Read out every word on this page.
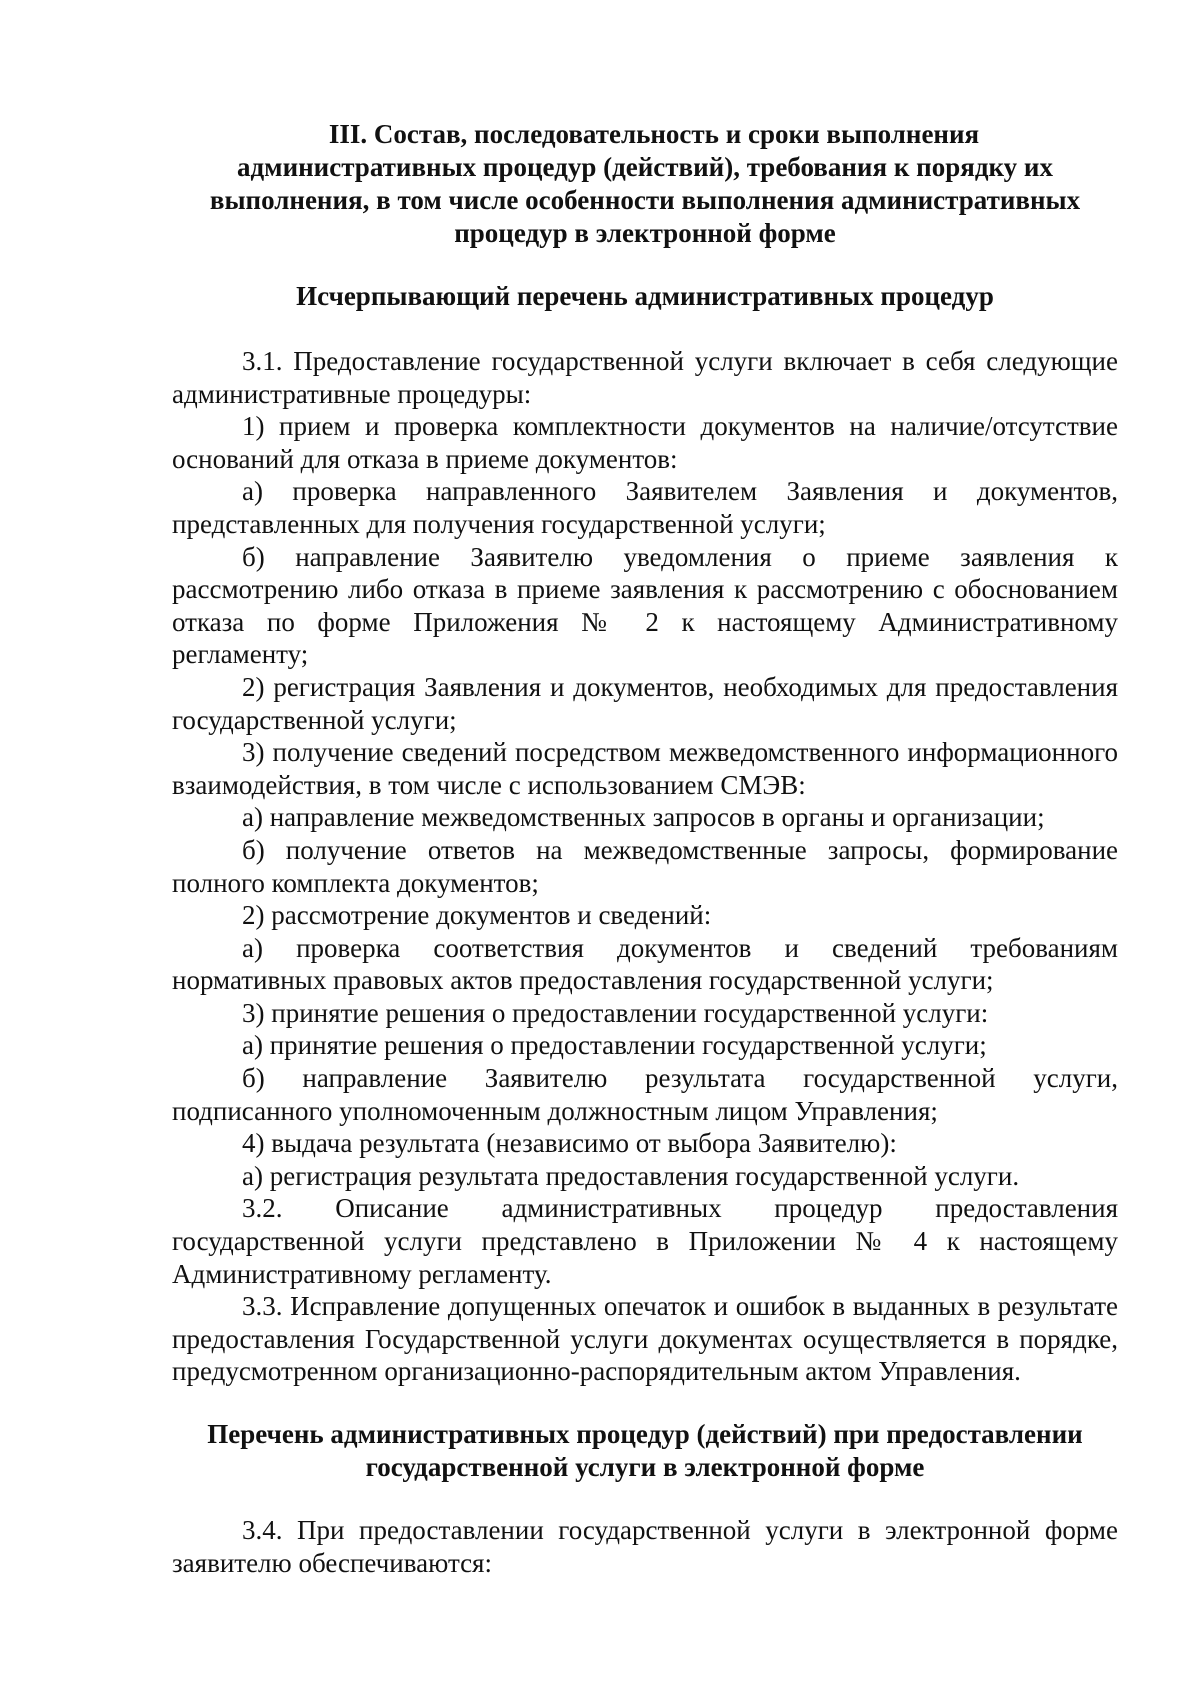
III. Состав, последовательность и сроки выполнения
административных процедур (действий), требования к порядку их
выполнения, в том числе особенности выполнения административных
процедур в электронной форме
Исчерпывающий перечень административных процедур

3.1. Предоставление государственной услуги включает в себя следующие административные процедуры:

1) прием и проверка комплектности документов на наличие/отсутствие оснований для отказа в приеме документов:

а) проверка направленного Заявителем Заявления и документов, представленных для получения государственной услуги;

б) направление Заявителю уведомления о приеме заявления к рассмотрению либо отказа в приеме заявления к рассмотрению с обоснованием отказа по форме Приложения № 2 к настоящему Административному регламенту;

2) регистрация Заявления и документов, необходимых для предоставления государственной услуги;

3) получение сведений посредством межведомственного информационного взаимодействия, в том числе с использованием СМЭВ:

а) направление межведомственных запросов в органы и организации;

б) получение ответов на межведомственные запросы, формирование полного комплекта документов;

2) рассмотрение документов и сведений:

а) проверка соответствия документов и сведений требованиям нормативных правовых актов предоставления государственной услуги;

3) принятие решения о предоставлении государственной услуги:

а) принятие решения о предоставлении государственной услуги;

б) направление Заявителю результата государственной услуги, подписанного уполномоченным должностным лицом Управления;

4) выдача результата (независимо от выбора Заявителю):

а) регистрация результата предоставления государственной услуги.

3.2. Описание административных процедур предоставления государственной услуги представлено в Приложении № 4 к настоящему Административному регламенту.

3.3. Исправление допущенных опечаток и ошибок в выданных в результате предоставления Государственной услуги документах осуществляется в порядке, предусмотренном организационно-распорядительным актом Управления.

Перечень административных процедур (действий) при предоставлении
государственной услуги в электронной форме

3.4. При предоставлении государственной услуги в электронной форме заявителю обеспечиваются:
